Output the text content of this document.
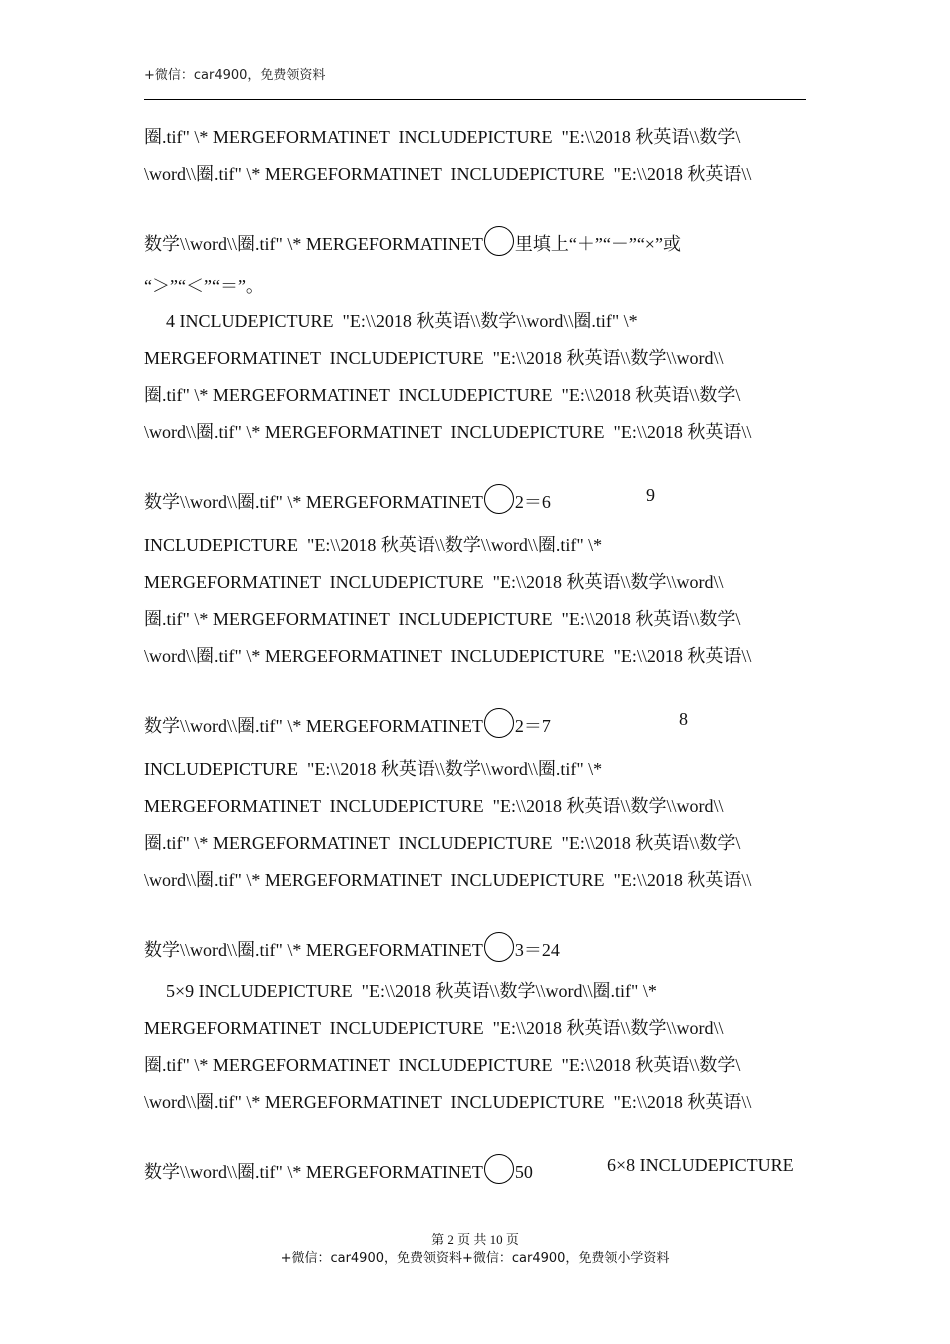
+微信：car4900，免费领资料
圈.tif" \* MERGEFORMATINET  INCLUDEPICTURE  "E:\\2018 秋英语\\数学\
\word\\圈.tif" \* MERGEFORMATINET  INCLUDEPICTURE  "E:\\2018 秋英语\\
数学\\word\\圈.tif" \* MERGEFORMATINET 里填上“＋”“－”“×”或
“＞”“＜”“＝”。
4 INCLUDEPICTURE  "E:\\2018 秋英语\\数学\\word\\圈.tif" \*
MERGEFORMATINET  INCLUDEPICTURE  "E:\\2018 秋英语\\数学\\word\\
圈.tif" \* MERGEFORMATINET  INCLUDEPICTURE  "E:\\2018 秋英语\\数学\
\word\\圈.tif" \* MERGEFORMATINET  INCLUDEPICTURE  "E:\\2018 秋英语\\
数学\\word\\圈.tif" \* MERGEFORMATINET 2＝6	9
INCLUDEPICTURE  "E:\\2018 秋英语\\数学\\word\\圈.tif" \*
MERGEFORMATINET  INCLUDEPICTURE  "E:\\2018 秋英语\\数学\\word\\
圈.tif" \* MERGEFORMATINET  INCLUDEPICTURE  "E:\\2018 秋英语\\数学\
\word\\圈.tif" \* MERGEFORMATINET  INCLUDEPICTURE  "E:\\2018 秋英语\\
数学\\word\\圈.tif" \* MERGEFORMATINET 2＝7	8
INCLUDEPICTURE  "E:\\2018 秋英语\\数学\\word\\圈.tif" \*
MERGEFORMATINET  INCLUDEPICTURE  "E:\\2018 秋英语\\数学\\word\\
圈.tif" \* MERGEFORMATINET  INCLUDEPICTURE  "E:\\2018 秋英语\\数学\
\word\\圈.tif" \* MERGEFORMATINET  INCLUDEPICTURE  "E:\\2018 秋英语\\
数学\\word\\圈.tif" \* MERGEFORMATINET 3＝24
5×9 INCLUDEPICTURE  "E:\\2018 秋英语\\数学\\word\\圈.tif" \*
MERGEFORMATINET  INCLUDEPICTURE  "E:\\2018 秋英语\\数学\\word\\
圈.tif" \* MERGEFORMATINET  INCLUDEPICTURE  "E:\\2018 秋英语\\数学\
\word\\圈.tif" \* MERGEFORMATINET  INCLUDEPICTURE  "E:\\2018 秋英语\\
数学\\word\\圈.tif" \* MERGEFORMATINET 50	6×8 INCLUDEPICTURE
第 2 页 共 10 页
+微信：car4900，免费领资料+微信：car4900，免费领小学资料
